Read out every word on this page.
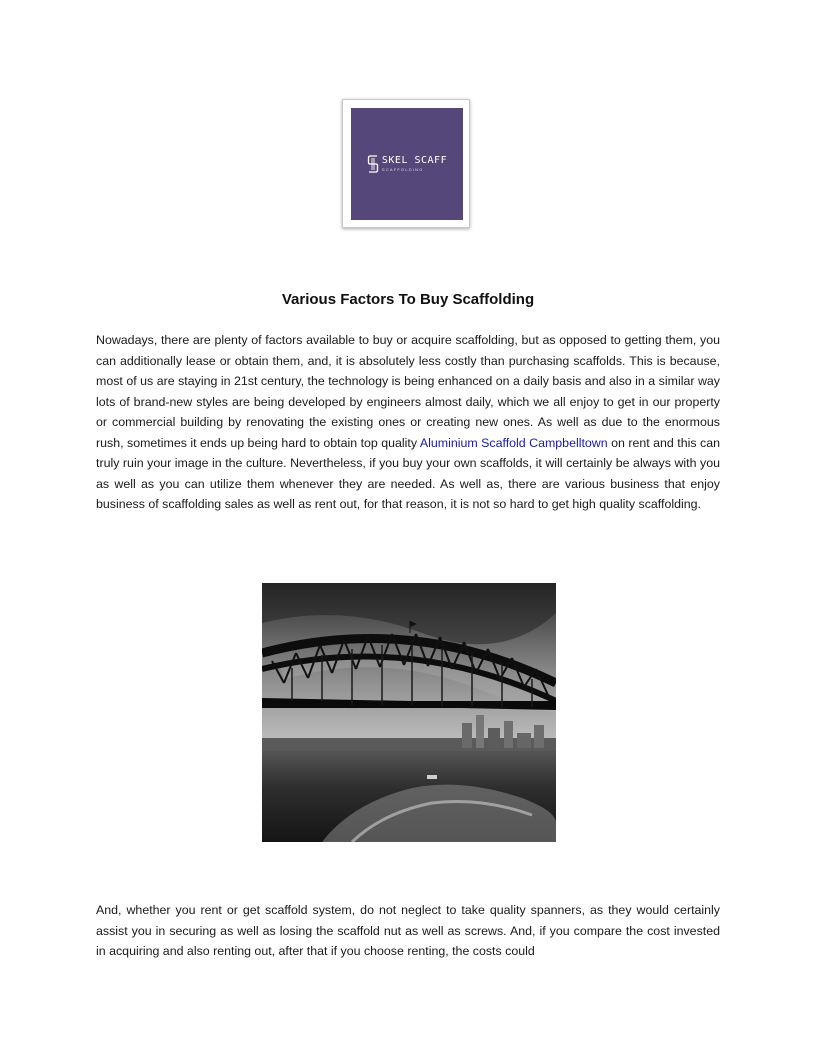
SKEL SCAFF
SCAFFOLDING
Various Factors To Buy Scaffolding

Nowadays, there are plenty of factors available to buy or acquire scaffolding, but as opposed to getting them, you can additionally lease or obtain them, and, it is absolutely less costly than purchasing scaffolds. This is because, most of us are staying in 21st century, the technology is being enhanced on a daily basis and also in a similar way lots of brand-new styles are being developed by engineers almost daily, which we all enjoy to get in our property or commercial building by renovating the existing ones or creating new ones. As well as due to the enormous rush, sometimes it ends up being hard to obtain top quality Aluminium Scaffold Campbelltown on rent and this can truly ruin your image in the culture. Nevertheless, if you buy your own scaffolds, it will certainly be always with you as well as you can utilize them whenever they are needed. As well as, there are various business that enjoy business of scaffolding sales as well as rent out, for that reason, it is not so hard to get high quality scaffolding.

And, whether you rent or get scaffold system, do not neglect to take quality spanners, as they would certainly assist you in securing as well as losing the scaffold nut as well as screws. And, if you compare the cost invested in acquiring and also renting out, after that if you choose renting, the costs could
